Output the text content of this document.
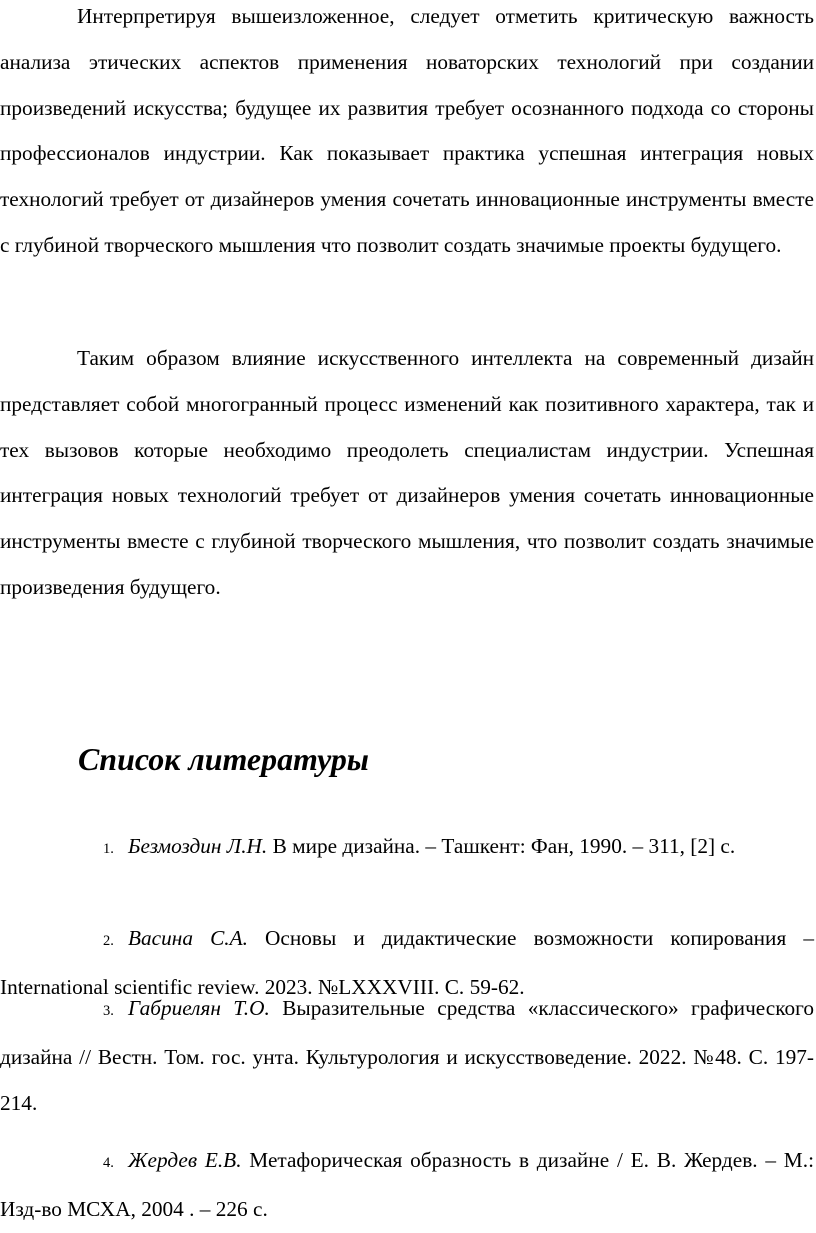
Интерпретируя вышеизложенное, следует отметить критическую важность анализа этических аспектов применения новаторских технологий при создании произведений искусства; будущее их развития требует осознанного подхода со стороны профессионалов индустрии. Как показывает практика успешная интеграция новых технологий требует от дизайнеров умения сочетать инновационные инструменты вместе с глубиной творческого мышления что позволит создать значимые проекты будущего.

Таким образом влияние искусственного интеллекта на современный дизайн представляет собой многогранный процесс изменений как позитивного характера, так и тех вызовов которые необходимо преодолеть специалистам индустрии. Успешная интеграция новых технологий требует от дизайнеров умения сочетать инновационные инструменты вместе с глубиной творческого мышления, что позволит создать значимые произведения будущего.

Список литературы

1. Безмоздин Л.Н. В мире дизайна. – Ташкент: Фан, 1990. – 311, [2] с.

2. Васина С.А. Основы и дидактические возможности копирования – International scientific review. 2023. №LXXXVIII. С. 59-62.

3. Габриелян Т.О. Выразительные средства «классического» графического дизайна // Вестн. Том. гос. унта. Культурология и искусствоведение. 2022. №48. С. 197-214.

4. Жердев Е.В. Метафорическая образность в дизайне / Е. В. Жердев. – М.: Изд-во МСХА, 2004 . – 226 с.
